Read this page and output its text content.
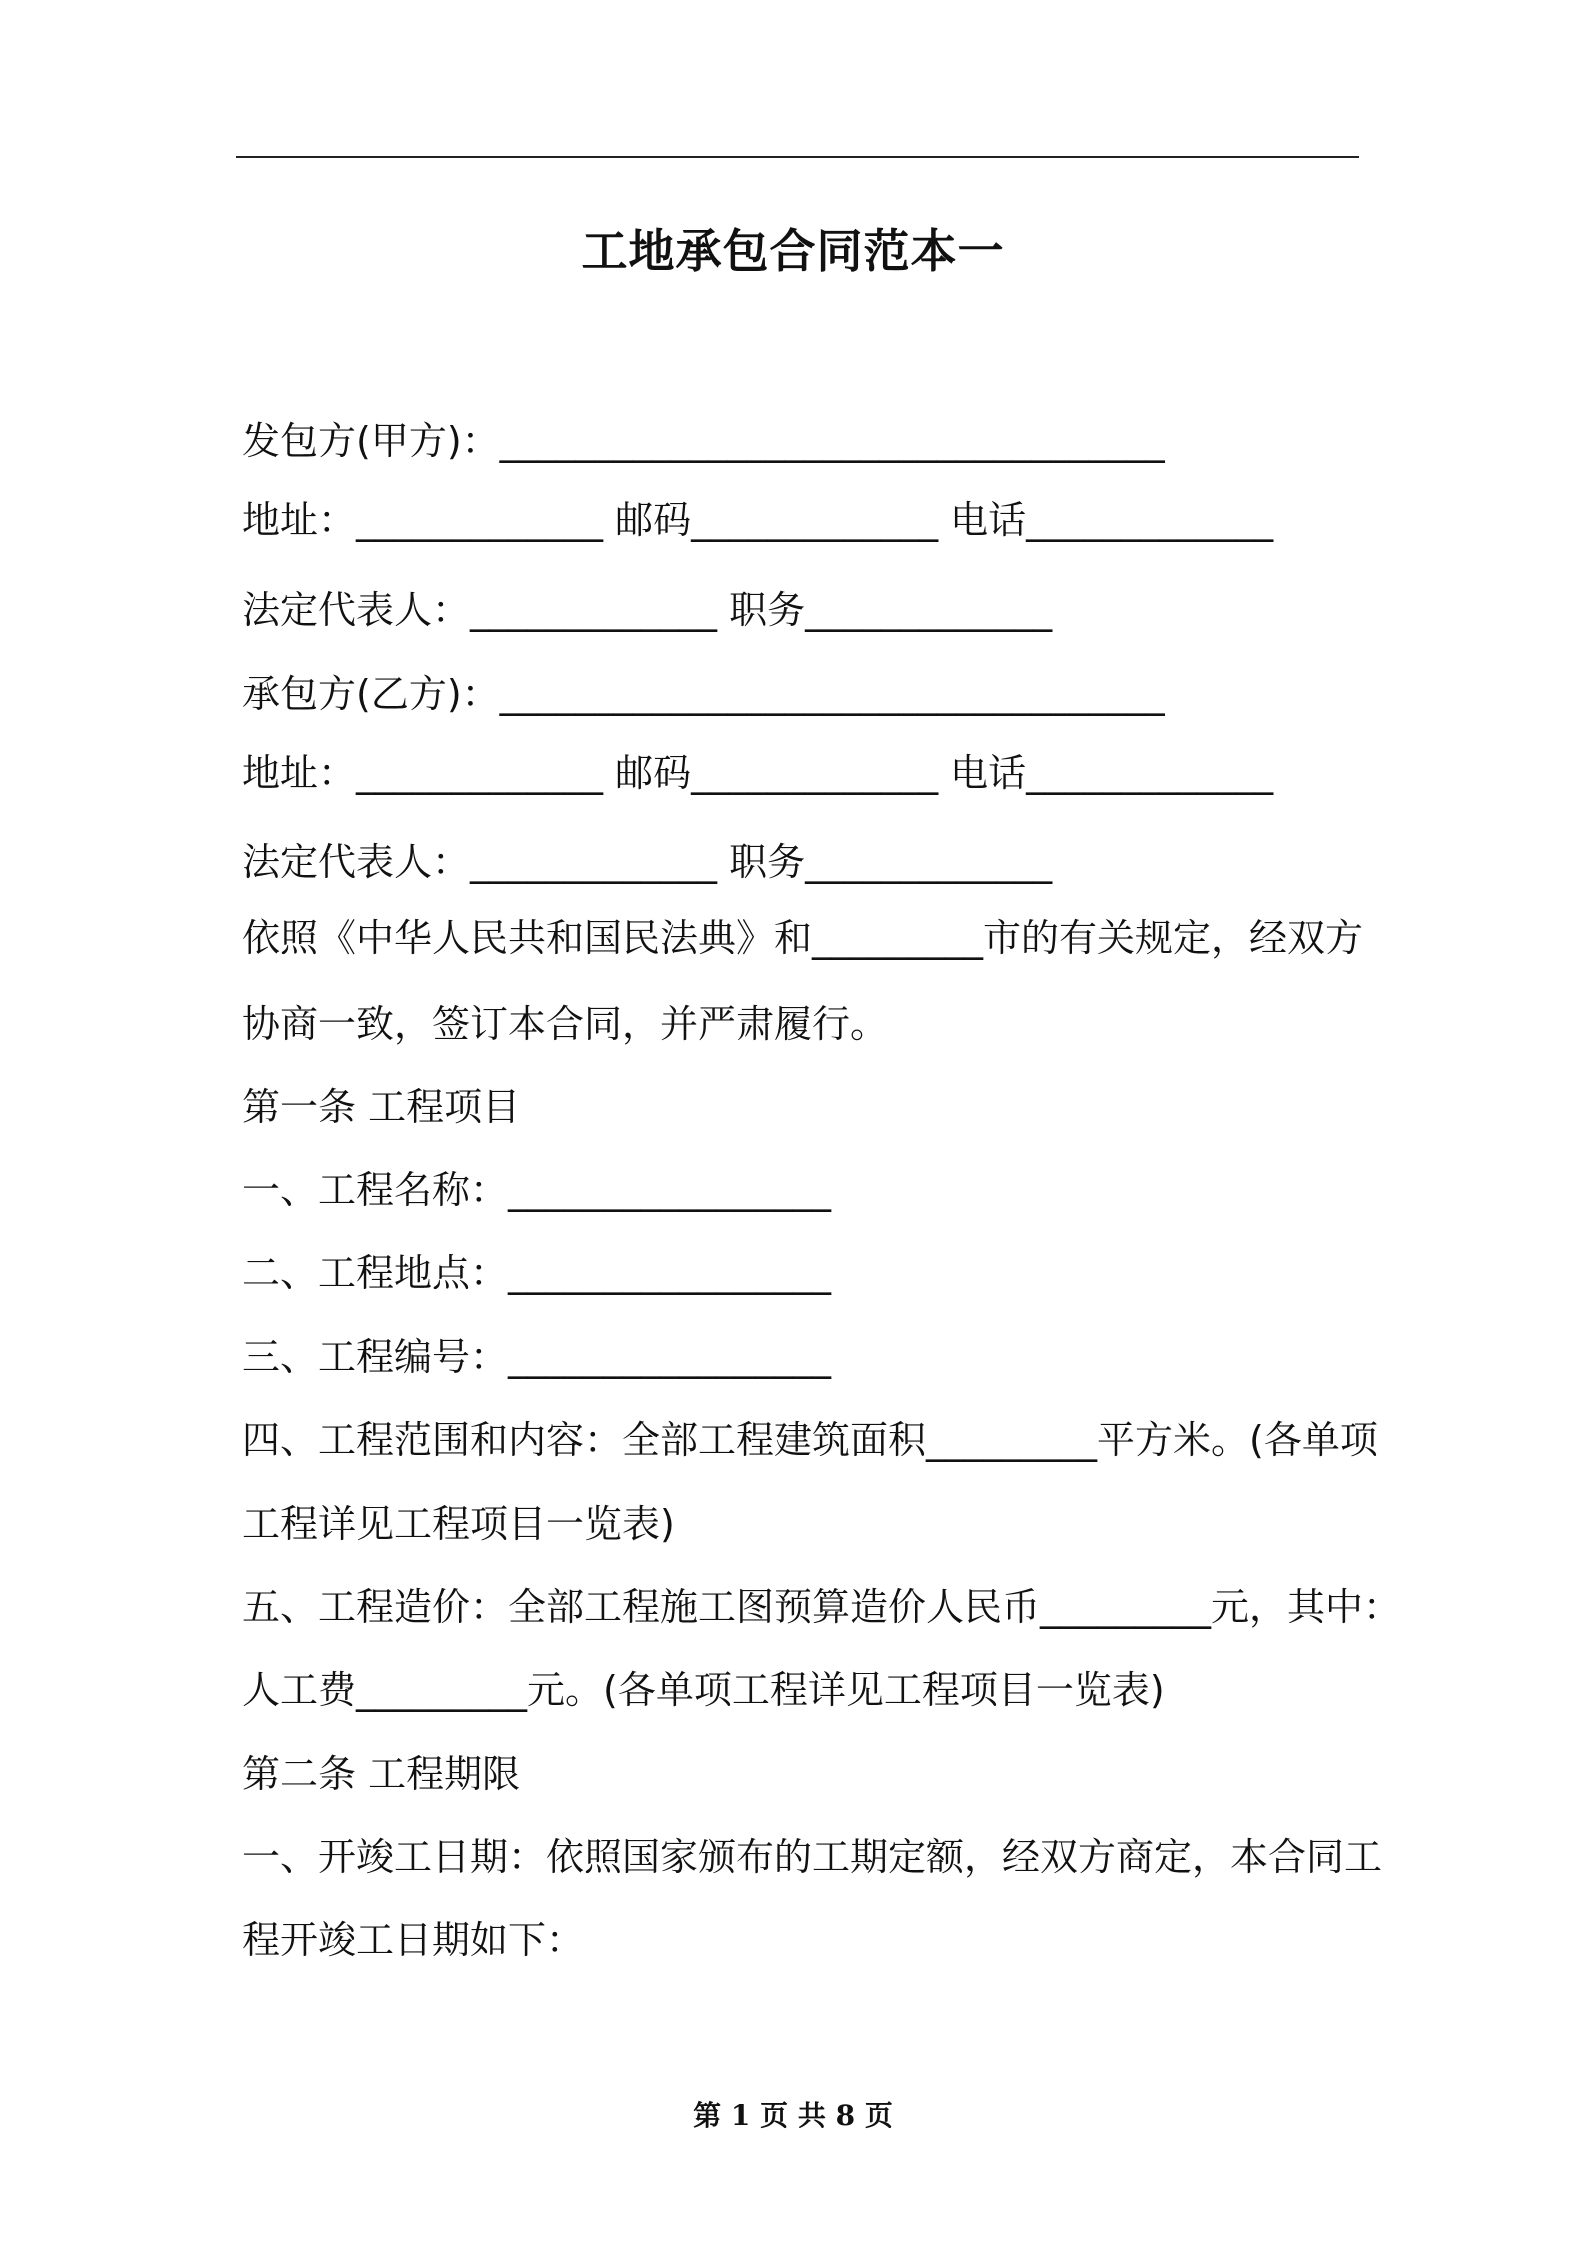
工地承包合同范本一
发包方(甲方)：___________________________________
地址：_____________ 邮码_____________ 电话_____________
法定代表人：_____________ 职务_____________
承包方(乙方)：___________________________________
地址：_____________ 邮码_____________ 电话_____________
法定代表人：_____________ 职务_____________
依照《中华人民共和国民法典》和_________市的有关规定，经双方
协商一致，签订本合同，并严肃履行。
第一条 工程项目
一、工程名称：_________________
二、工程地点：_________________
三、工程编号：_________________
四、工程范围和内容：全部工程建筑面积_________平方米。(各单项
工程详见工程项目一览表)
五、工程造价：全部工程施工图预算造价人民币_________元，其中：
人工费_________元。(各单项工程详见工程项目一览表)
第二条 工程期限
一、开竣工日期：依照国家颁布的工期定额，经双方商定，本合同工
程开竣工日期如下：
第 1 页 共 8 页
